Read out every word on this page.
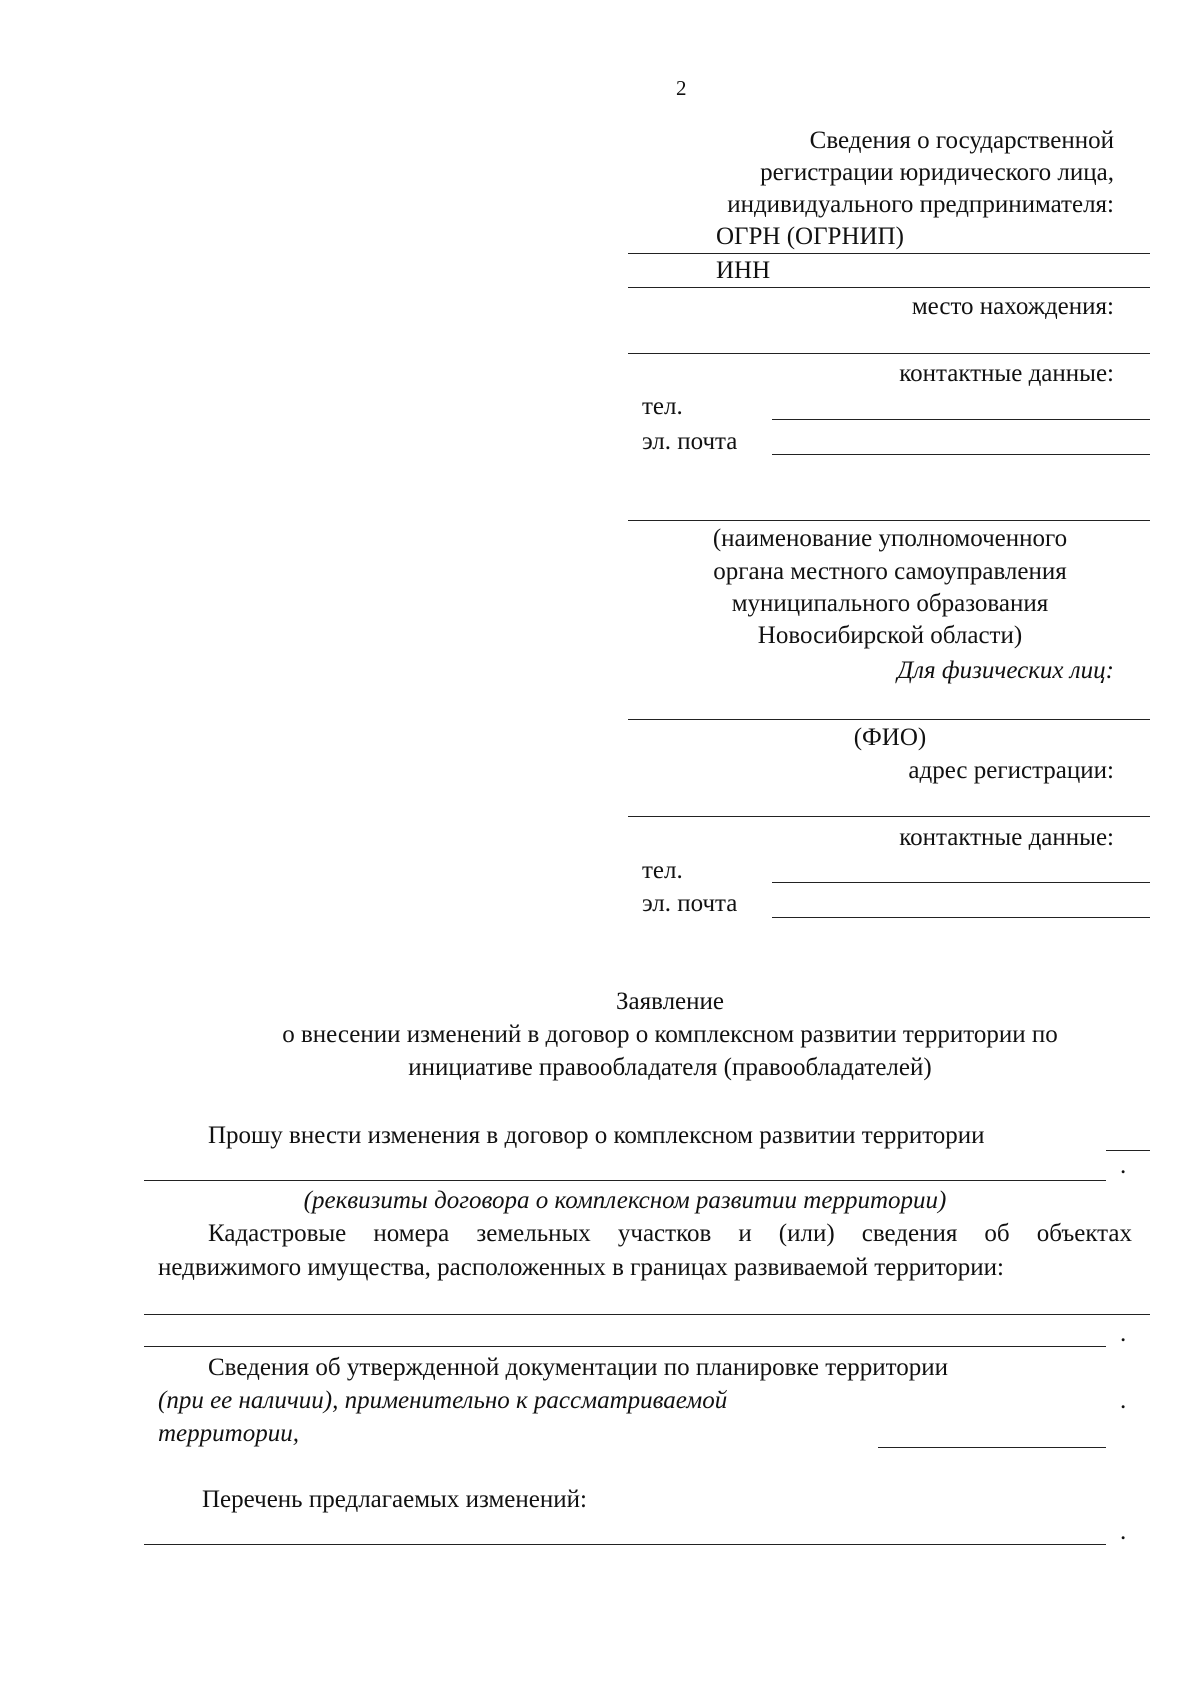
2
Сведения о государственной
регистрации юридического лица,
индивидуального предпринимателя:
ОГРН (ОГРНИП)
ИНН
место нахождения:
контактные данные:
тел.
эл. почта
(наименование уполномоченного
органа местного самоуправления
муниципального образования
Новосибирской области)
Для физических лиц:
(ФИО)
адрес регистрации:
контактные данные:
тел.
эл. почта
Заявление
о внесении изменений в договор о комплексном развитии территории по
инициативе правообладателя (правообладателей)
Прошу внести изменения в договор о комплексном развитии территории
.
(реквизиты договора о комплексном развитии территории)
Кадастровые номера земельных участков и (или) сведения об объектах
недвижимого имущества, расположенных в границах развиваемой территории:
.
Сведения об утвержденной документации по планировке территории
(при ее наличии), применительно к рассматриваемой	.
территории,
Перечень предлагаемых изменений:
.
